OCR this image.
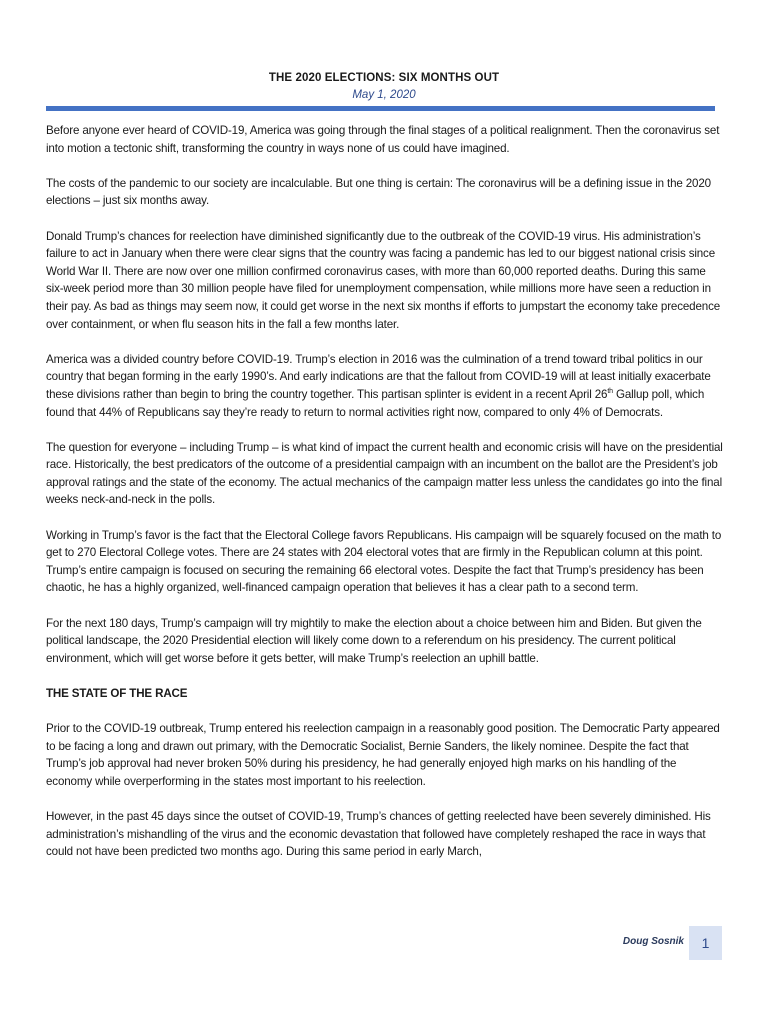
THE 2020 ELECTIONS: SIX MONTHS OUT
May 1, 2020

Before anyone ever heard of COVID-19, America was going through the final stages of a political realignment. Then the coronavirus set into motion a tectonic shift, transforming the country in ways none of us could have imagined.

The costs of the pandemic to our society are incalculable. But one thing is certain: The coronavirus will be a defining issue in the 2020 elections – just six months away.

Donald Trump’s chances for reelection have diminished significantly due to the outbreak of the COVID-19 virus. His administration’s failure to act in January when there were clear signs that the country was facing a pandemic has led to our biggest national crisis since World War II. There are now over one million confirmed coronavirus cases, with more than 60,000 reported deaths. During this same six-week period more than 30 million people have filed for unemployment compensation, while millions more have seen a reduction in their pay. As bad as things may seem now, it could get worse in the next six months if efforts to jumpstart the economy take precedence over containment, or when flu season hits in the fall a few months later.

America was a divided country before COVID-19. Trump’s election in 2016 was the culmination of a trend toward tribal politics in our country that began forming in the early 1990’s. And early indications are that the fallout from COVID-19 will at least initially exacerbate these divisions rather than begin to bring the country together. This partisan splinter is evident in a recent April 26th Gallup poll, which found that 44% of Republicans say they’re ready to return to normal activities right now, compared to only 4% of Democrats.

The question for everyone – including Trump – is what kind of impact the current health and economic crisis will have on the presidential race. Historically, the best predicators of the outcome of a presidential campaign with an incumbent on the ballot are the President’s job approval ratings and the state of the economy. The actual mechanics of the campaign matter less unless the candidates go into the final weeks neck-and-neck in the polls.

Working in Trump’s favor is the fact that the Electoral College favors Republicans. His campaign will be squarely focused on the math to get to 270 Electoral College votes. There are 24 states with 204 electoral votes that are firmly in the Republican column at this point. Trump’s entire campaign is focused on securing the remaining 66 electoral votes. Despite the fact that Trump’s presidency has been chaotic, he has a highly organized, well-financed campaign operation that believes it has a clear path to a second term.

For the next 180 days, Trump’s campaign will try mightily to make the election about a choice between him and Biden. But given the political landscape, the 2020 Presidential election will likely come down to a referendum on his presidency. The current political environment, which will get worse before it gets better, will make Trump’s reelection an uphill battle.

THE STATE OF THE RACE

Prior to the COVID-19 outbreak, Trump entered his reelection campaign in a reasonably good position. The Democratic Party appeared to be facing a long and drawn out primary, with the Democratic Socialist, Bernie Sanders, the likely nominee. Despite the fact that Trump’s job approval had never broken 50% during his presidency, he had generally enjoyed high marks on his handling of the economy while overperforming in the states most important to his reelection.

However, in the past 45 days since the outset of COVID-19, Trump’s chances of getting reelected have been severely diminished. His administration’s mishandling of the virus and the economic devastation that followed have completely reshaped the race in ways that could not have been predicted two months ago. During this same period in early March,

Doug Sosnik	1
